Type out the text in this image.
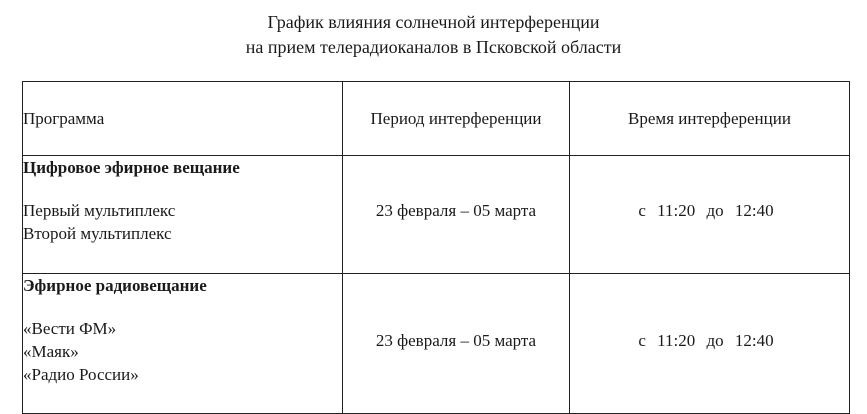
График влияния солнечной интерференции
на прием телерадиоканалов в Псковской области
Программа	Период интерференции	Время интерференции

Цифровое эфирное вещание
Первый мультиплекс
Второй мультиплекс	23 февраля – 05 марта	с 11:20 до 12:40

Эфирное радиовещание
«Вести ФМ»
«Маяк»
«Радио России»	23 февраля – 05 марта	с 11:20 до 12:40
